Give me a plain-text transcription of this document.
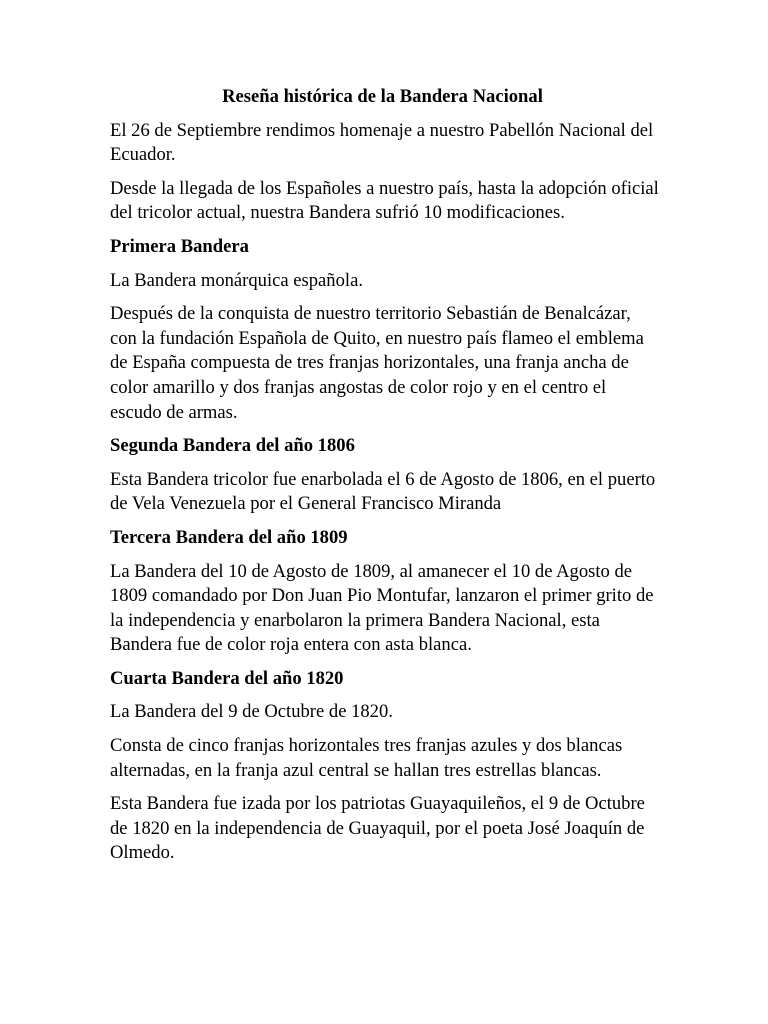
Reseña histórica de la Bandera Nacional

El 26 de Septiembre rendimos homenaje a nuestro Pabellón Nacional del Ecuador.

Desde la llegada de los Españoles a nuestro país, hasta la adopción oficial del tricolor actual, nuestra Bandera sufrió 10 modificaciones.

Primera Bandera

La Bandera monárquica española.

Después de la conquista de nuestro territorio Sebastián de Benalcázar, con la fundación Española de Quito, en nuestro país flameo el emblema de España compuesta de tres franjas horizontales, una franja ancha de color amarillo y dos franjas angostas de color rojo y en el centro el escudo de armas.

Segunda Bandera del año 1806

Esta Bandera tricolor fue enarbolada el 6 de Agosto de 1806, en el puerto de Vela Venezuela por el General Francisco Miranda

Tercera Bandera del año 1809

La Bandera del 10 de Agosto de 1809, al amanecer el 10 de Agosto de 1809 comandado por Don Juan Pio Montufar, lanzaron el primer grito de la independencia y enarbolaron la primera Bandera Nacional, esta Bandera fue de color roja entera con asta blanca.

Cuarta Bandera del año 1820

La Bandera del 9 de Octubre de 1820.

Consta de cinco franjas horizontales tres franjas azules y dos blancas alternadas, en la franja azul central se hallan tres estrellas blancas.

Esta Bandera fue izada por los patriotas Guayaquileños, el 9 de Octubre de 1820 en la independencia de Guayaquil, por el poeta José Joaquín de Olmedo.
